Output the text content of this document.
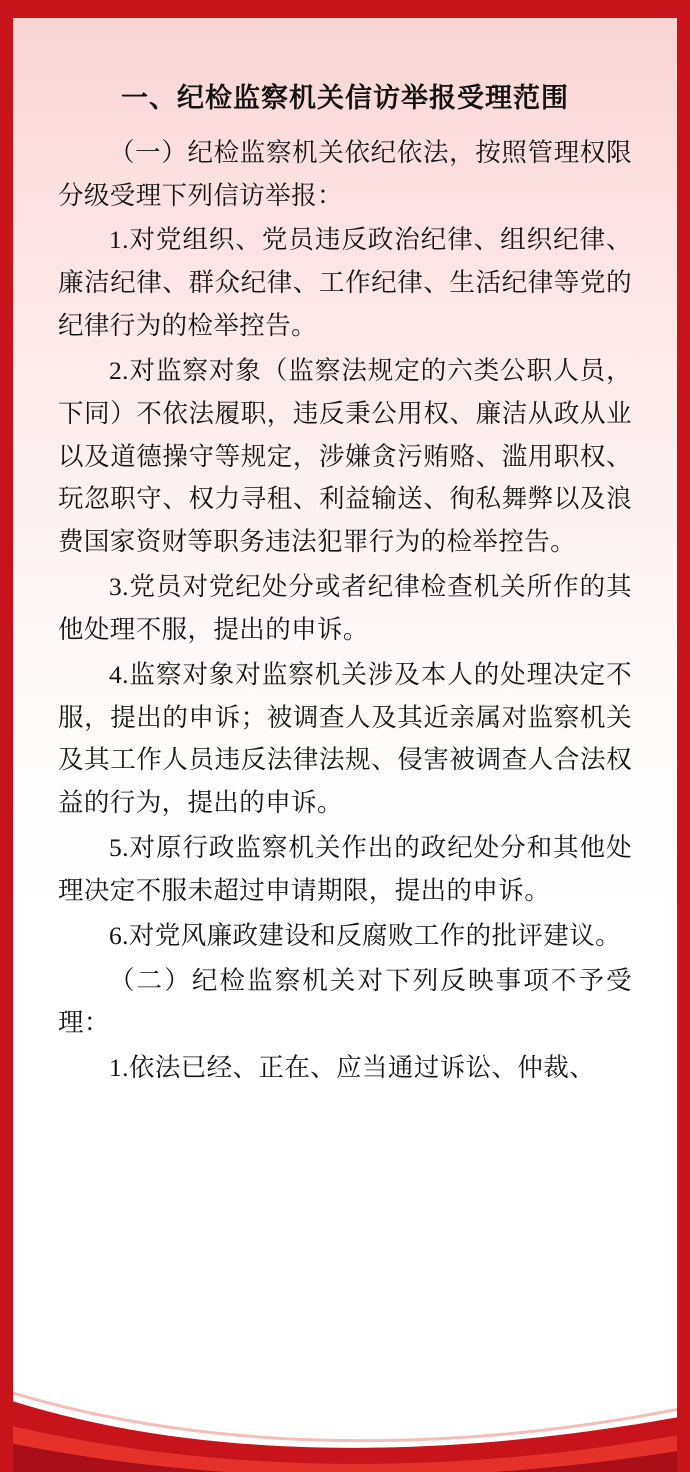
一、纪检监察机关信访举报受理范围

（一）纪检监察机关依纪依法，按照管理权限分级受理下列信访举报：

1.对党组织、党员违反政治纪律、组织纪律、廉洁纪律、群众纪律、工作纪律、生活纪律等党的纪律行为的检举控告。

2.对监察对象（监察法规定的六类公职人员，下同）不依法履职，违反秉公用权、廉洁从政从业以及道德操守等规定，涉嫌贪污贿赂、滥用职权、玩忽职守、权力寻租、利益输送、徇私舞弊以及浪费国家资财等职务违法犯罪行为的检举控告。

3.党员对党纪处分或者纪律检查机关所作的其他处理不服，提出的申诉。

4.监察对象对监察机关涉及本人的处理决定不服，提出的申诉；被调查人及其近亲属对监察机关及其工作人员违反法律法规、侵害被调查人合法权益的行为，提出的申诉。

5.对原行政监察机关作出的政纪处分和其他处理决定不服未超过申请期限，提出的申诉。

6.对党风廉政建设和反腐败工作的批评建议。

（二）纪检监察机关对下列反映事项不予受理：

1.依法已经、正在、应当通过诉讼、仲裁、
